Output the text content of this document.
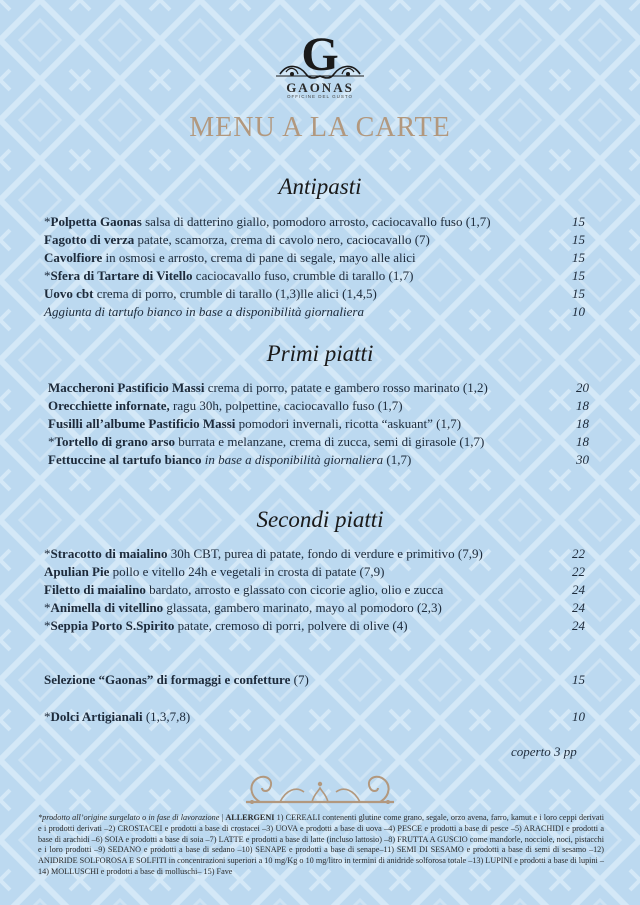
G
GAONAS
OFFICINE DEL GUSTO
MENU A LA CARTE
Antipasti
*Polpetta Gaonas salsa di datterino giallo, pomodoro arrosto, caciocavallo fuso (1,7)	15
Fagotto di verza patate, scamorza, crema di cavolo nero, caciocavallo (7)	15
Cavolfiore in osmosi e arrosto, crema di pane di segale, mayo alle alici	15
*Sfera di Tartare di Vitello caciocavallo fuso, crumble di tarallo (1,7)	15
Uovo cbt crema di porro, crumble di tarallo (1,3)lle alici (1,4,5)	15
Aggiunta di tartufo bianco in base a disponibilità giornaliera	10
Primi piatti
Maccheroni Pastificio Massi crema di porro, patate e gambero rosso marinato (1,2)	20
Orecchiette infornate, ragu 30h, polpettine, caciocavallo fuso (1,7)	18
Fusilli all’albume Pastificio Massi pomodori invernali, ricotta “askuant” (1,7)	18
*Tortello di grano arso burrata e melanzane, crema di zucca, semi di girasole (1,7)	18
Fettuccine al tartufo bianco in base a disponibilità giornaliera (1,7)	30
Secondi piatti
*Stracotto di maialino 30h CBT, purea di patate, fondo di verdure e primitivo (7,9)	22
Apulian Pie pollo e vitello 24h e vegetali in crosta di patate (7,9)	22
Filetto di maialino bardato, arrosto e glassato con cicorie aglio, olio e zucca	24
*Animella di vitellino glassata, gambero marinato, mayo al pomodoro (2,3)	24
*Seppia Porto S.Spirito patate, cremoso di porri, polvere di olive (4)	24
Selezione “Gaonas” di formaggi e confetture (7)	15
*Dolci Artigianali (1,3,7,8)	10
coperto 3 pp
*prodotto all’origine surgelato o in fase di lavorazione | ALLERGENI 1) CEREALI contenenti glutine come grano, segale, orzo avena, farro, kamut e i loro ceppi derivati e i prodotti derivati –2) CROSTACEI e prodotti a base di crostacei –3) UOVA e prodotti a base di uova –4) PESCE e prodotti a base di pesce –5) ARACHIDI e prodotti a base di arachidi –6) SOIA e prodotti a base di soia –7) LATTE e prodotti a base di latte (incluso lattosio) –8) FRUTTA A GUSCIO come mandorle, nocciole, noci, pistacchi e i loro prodotti –9) SEDANO e prodotti a base di sedano –10) SENAPE e prodotti a base di senape–11) SEMI DI SESAMO e prodotti a base di semi di sesamo –12) ANIDRIDE SOLFOROSA E SOLFITI in concentrazioni superiori a 10 mg/Kg o 10 mg/litro in termini di anidride solforosa totale –13) LUPINI e prodotti a base di lupini –14) MOLLUSCHI e prodotti a base di molluschi– 15) Fave
